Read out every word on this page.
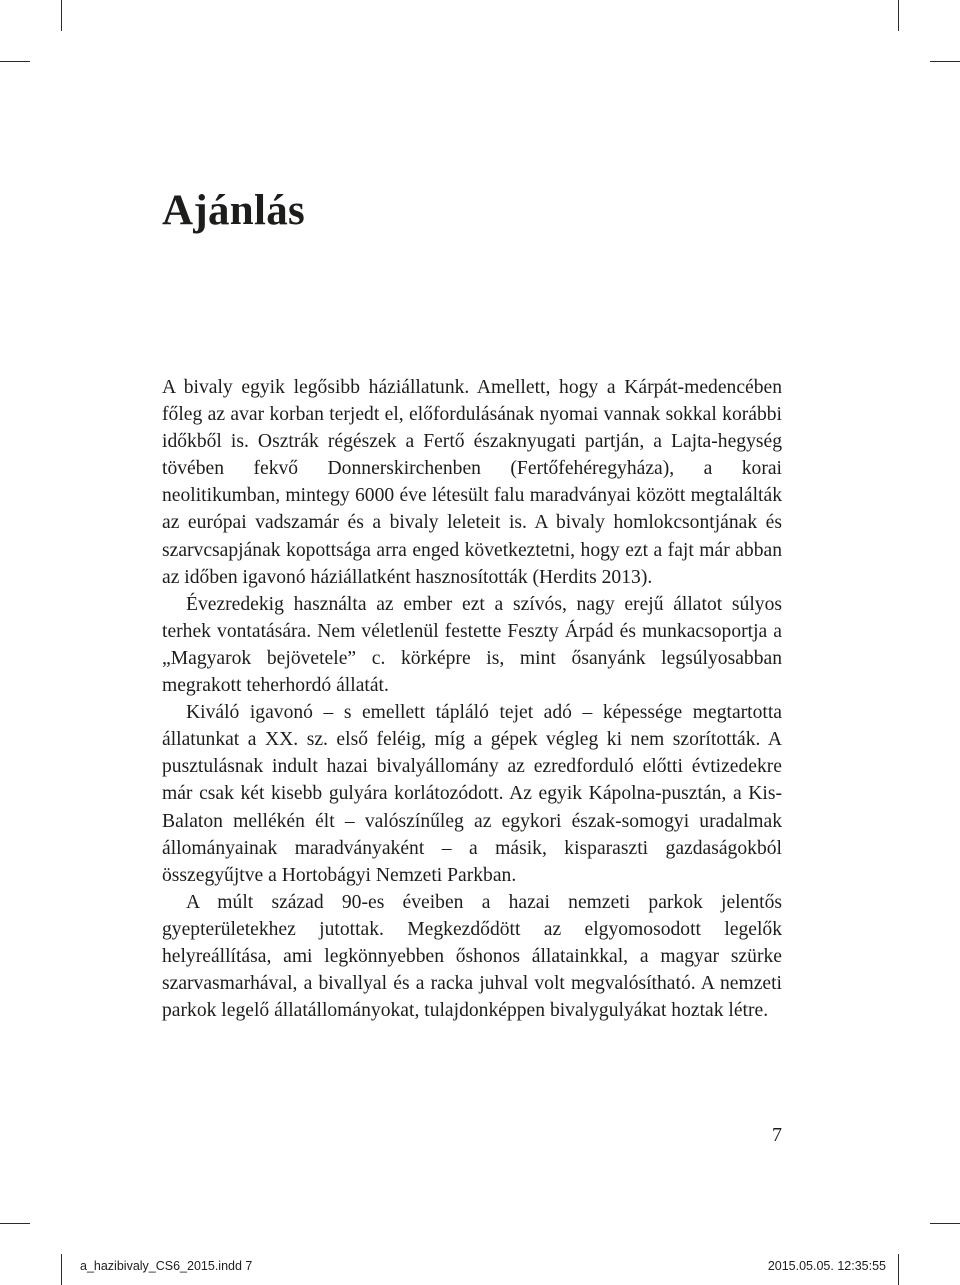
Ajánlás

A bivaly egyik legősibb háziállatunk. Amellett, hogy a Kárpát-medencében főleg az avar korban terjedt el, előfordulásának nyomai vannak sokkal korábbi időkből is. Osztrák régészek a Fertő északnyugati partján, a Lajta-hegység tövében fekvő Donnerskirchenben (Fertőfehéregyháza), a korai neolitikumban, mintegy 6000 éve létesült falu maradványai között megtalálták az európai vadszamár és a bivaly leleteit is. A bivaly homlokcsontjának és szarvcsapjának kopottsága arra enged következtetni, hogy ezt a fajt már abban az időben igavonó háziállatként hasznosították (Herdits 2013).

Évezredekig használta az ember ezt a szívós, nagy erejű állatot súlyos terhek vontatására. Nem véletlenül festette Feszty Árpád és munkacsoportja a „Magyarok bejövetele” c. körképre is, mint ősanyánk legsúlyosabban megrakott teherhordó állatát.

Kiváló igavonó – s emellett tápláló tejet adó – képessége megtartotta állatunkat a XX. sz. első feléig, míg a gépek végleg ki nem szorították. A pusztulásnak indult hazai bivalyállomány az ezredforduló előtti évtizedekre már csak két kisebb gulyára korlátozódott. Az egyik Kápolna-pusztán, a Kis-Balaton mellékén élt – valószínűleg az egykori észak-somogyi uradalmak állományainak maradványaként – a másik, kisparaszti gazdaságokból összegyűjtve a Hortobágyi Nemzeti Parkban.

A múlt század 90-es éveiben a hazai nemzeti parkok jelentős gyepterületekhez jutottak. Megkezdődött az elgyomosodott legelők helyreállítása, ami legkönnyebben őshonos állatainkkal, a magyar szürke szarvasmarhával, a bivallyal és a racka juhval volt megvalósítható. A nemzeti parkok legelő állatállományokat, tulajdonképpen bivalygulyákat hoztak létre.

7
a_hazibivaly_CS6_2015.indd 7	2015.05.05. 12:35:55
